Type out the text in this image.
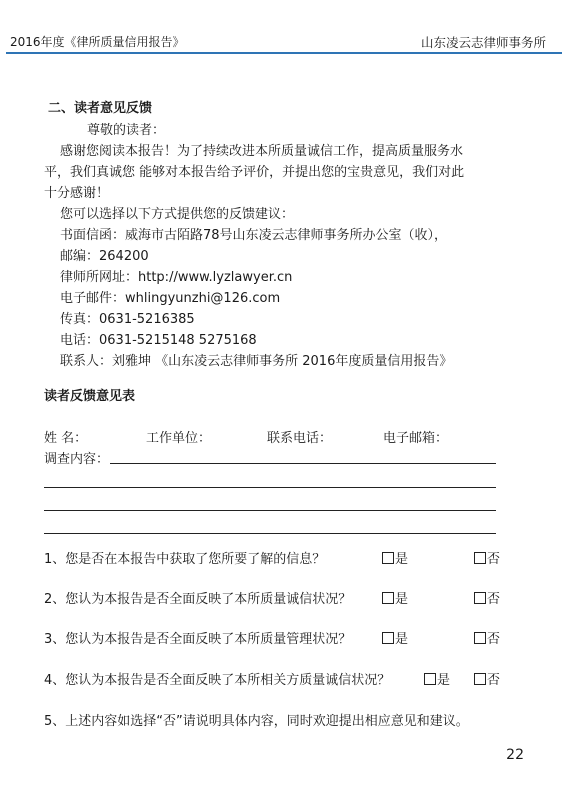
2016年度《律所质量信用报告》	山东凌云志律师事务所
二、读者意见反馈
尊敬的读者：
感谢您阅读本报告！为了持续改进本所质量诚信工作，提高质量服务水
平，我们真诚您 能够对本报告给予评价，并提出您的宝贵意见，我们对此
十分感谢！
您可以选择以下方式提供您的反馈建议：
书面信函：威海市古陌路78号山东凌云志律师事务所办公室（收），
邮编：264200
律师所网址：http://www.lyzlawyer.cn
电子邮件：whlingyunzhi@126.com
传真：0631-5216385
电话：0631-5215148 5275168
联系人：刘雅坤 《山东凌云志律师事务所 2016年度质量信用报告》
读者反馈意见表
姓 名：	工作单位：	联系电话：	电子邮箱：
调查内容：
1、您是否在本报告中获取了您所要了解的信息？	是	否
2、您认为本报告是否全面反映了本所质量诚信状况？	是	否
3、您认为本报告是否全面反映了本所质量管理状况？	是	否
4、您认为本报告是否全面反映了本所相关方质量诚信状况？	是	否
5、上述内容如选择“否”请说明具体内容，同时欢迎提出相应意见和建议。
22
